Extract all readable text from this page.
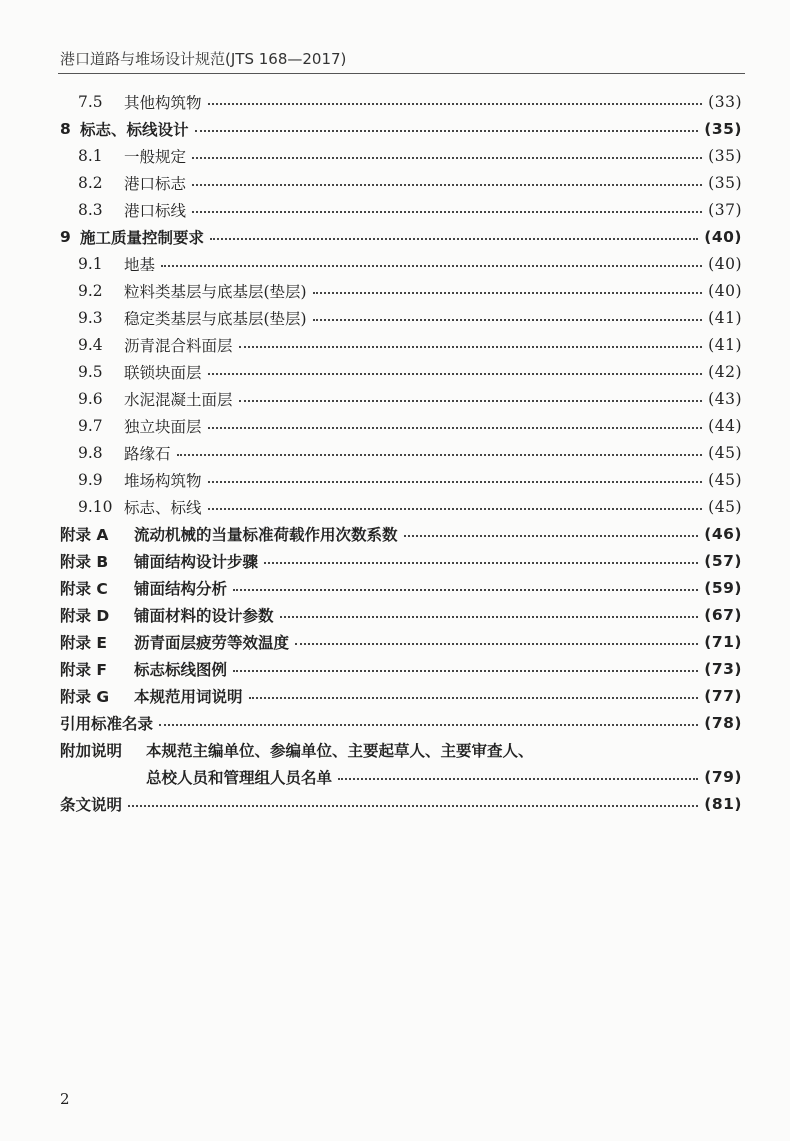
港口道路与堆场设计规范(JTS 168—2017)
7.5	其他构筑物	(33)
8 标志、标线设计	(35)
8.1	一般规定	(35)
8.2	港口标志	(35)
8.3	港口标线	(37)
9 施工质量控制要求	(40)
9.1	地基	(40)
9.2	粒料类基层与底基层(垫层)	(40)
9.3	稳定类基层与底基层(垫层)	(41)
9.4	沥青混合料面层	(41)
9.5	联锁块面层	(42)
9.6	水泥混凝土面层	(43)
9.7	独立块面层	(44)
9.8	路缘石	(45)
9.9	堆场构筑物	(45)
9.10 标志、标线	(45)
附录 A	流动机械的当量标准荷载作用次数系数	(46)
附录 B	铺面结构设计步骤	(57)
附录 C	铺面结构分析	(59)
附录 D	铺面材料的设计参数	(67)
附录 E	沥青面层疲劳等效温度	(71)
附录 F	标志标线图例	(73)
附录 G	本规范用词说明	(77)
引用标准名录	(78)
附加说明	本规范主编单位、参编单位、主要起草人、主要审查人、
总校人员和管理组人员名单	(79)
条文说明	(81)
2
